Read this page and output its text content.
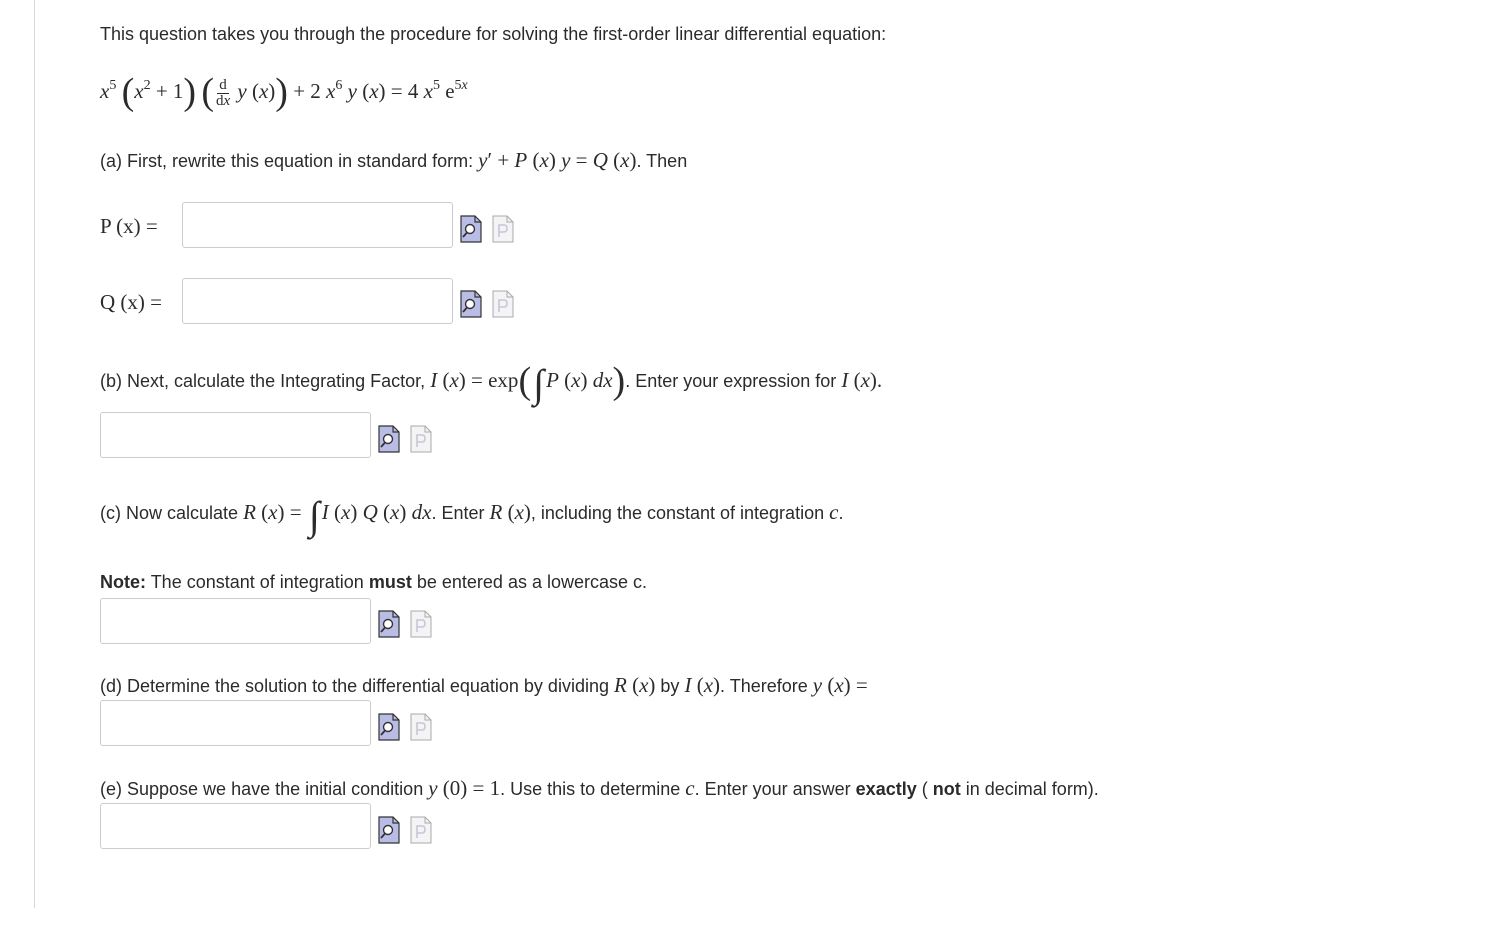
This question takes you through the procedure for solving the first-order linear differential equation:
$x^5$ $(x^2 + 1)$ ( $\frac{d}{dx}$ y (x)) + 2 $x^6$ y (x) = 4 $x^5$ $e^{5x}$
(a) First, rewrite this equation in standard form: y′ + P (x) y = Q (x). Then
P (x) =
Q (x) =
(b) Next, calculate the Integrating Factor, I (x) = exp(∫P (x) dx). Enter your expression for I (x).
(c) Now calculate R (x) = ∫I (x) Q (x) dx. Enter R (x), including the constant of integration c.
Note: The constant of integration must be entered as a lowercase c.
(d) Determine the solution to the differential equation by dividing R (x) by I (x). Therefore y (x) =
(e) Suppose we have the initial condition y (0) = 1. Use this to determine c. Enter your answer exactly ( not in decimal form).
